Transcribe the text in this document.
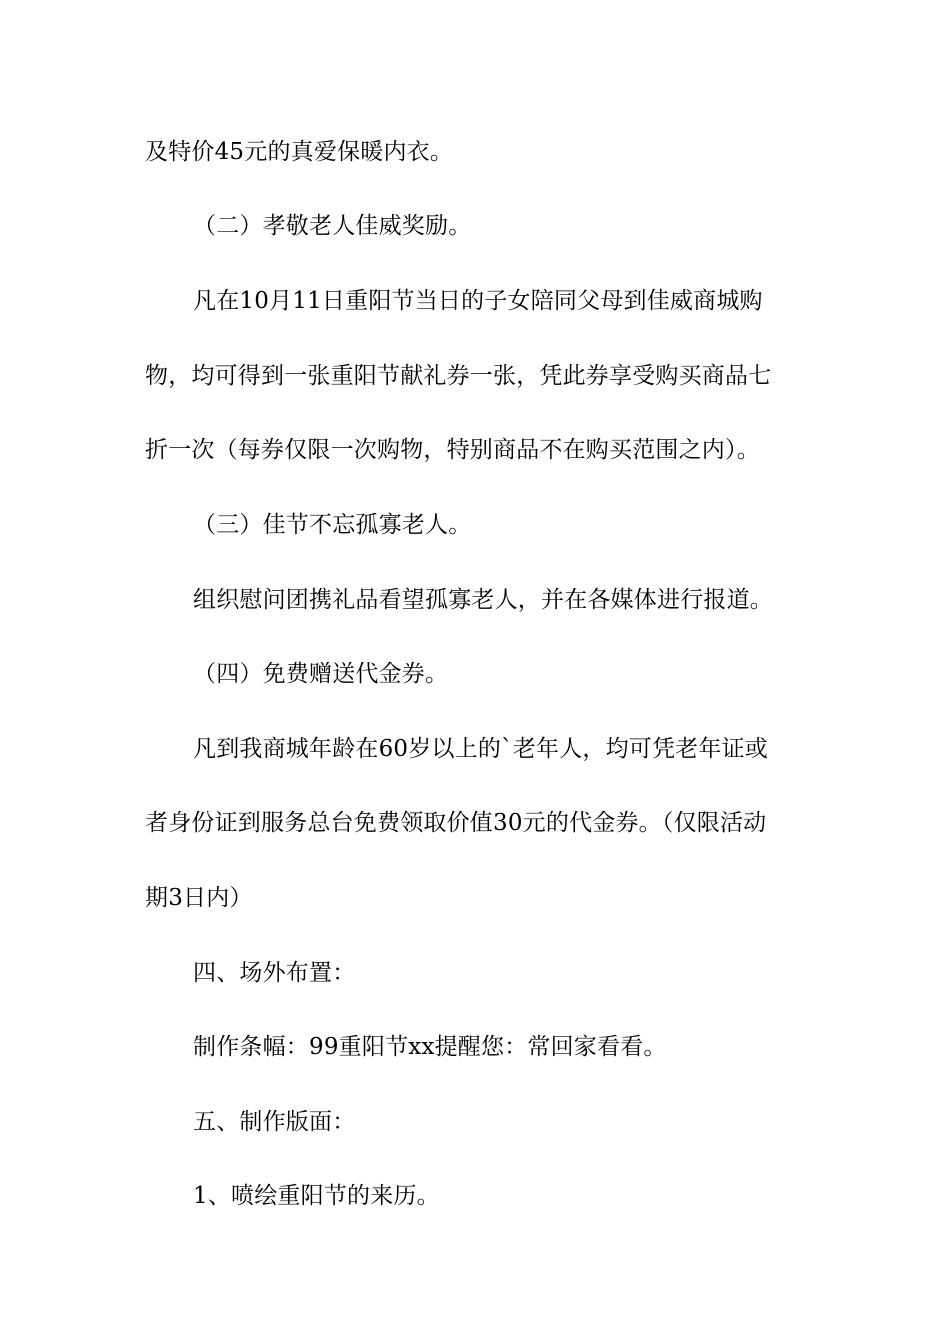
及特价45元的真爱保暖内衣。
（二）孝敬老人佳威奖励。
凡在10月11日重阳节当日的子女陪同父母到佳威商城购
物，均可得到一张重阳节献礼券一张，凭此券享受购买商品七
折一次（每券仅限一次购物，特别商品不在购买范围之内）。
（三）佳节不忘孤寡老人。
组织慰问团携礼品看望孤寡老人，并在各媒体进行报道。
（四）免费赠送代金券。
凡到我商城年龄在60岁以上的`老年人，均可凭老年证或
者身份证到服务总台免费领取价值30元的代金券。（仅限活动
期3日内）
四、场外布置：
制作条幅：99重阳节xx提醒您：常回家看看。
五、制作版面：
1、喷绘重阳节的来历。
